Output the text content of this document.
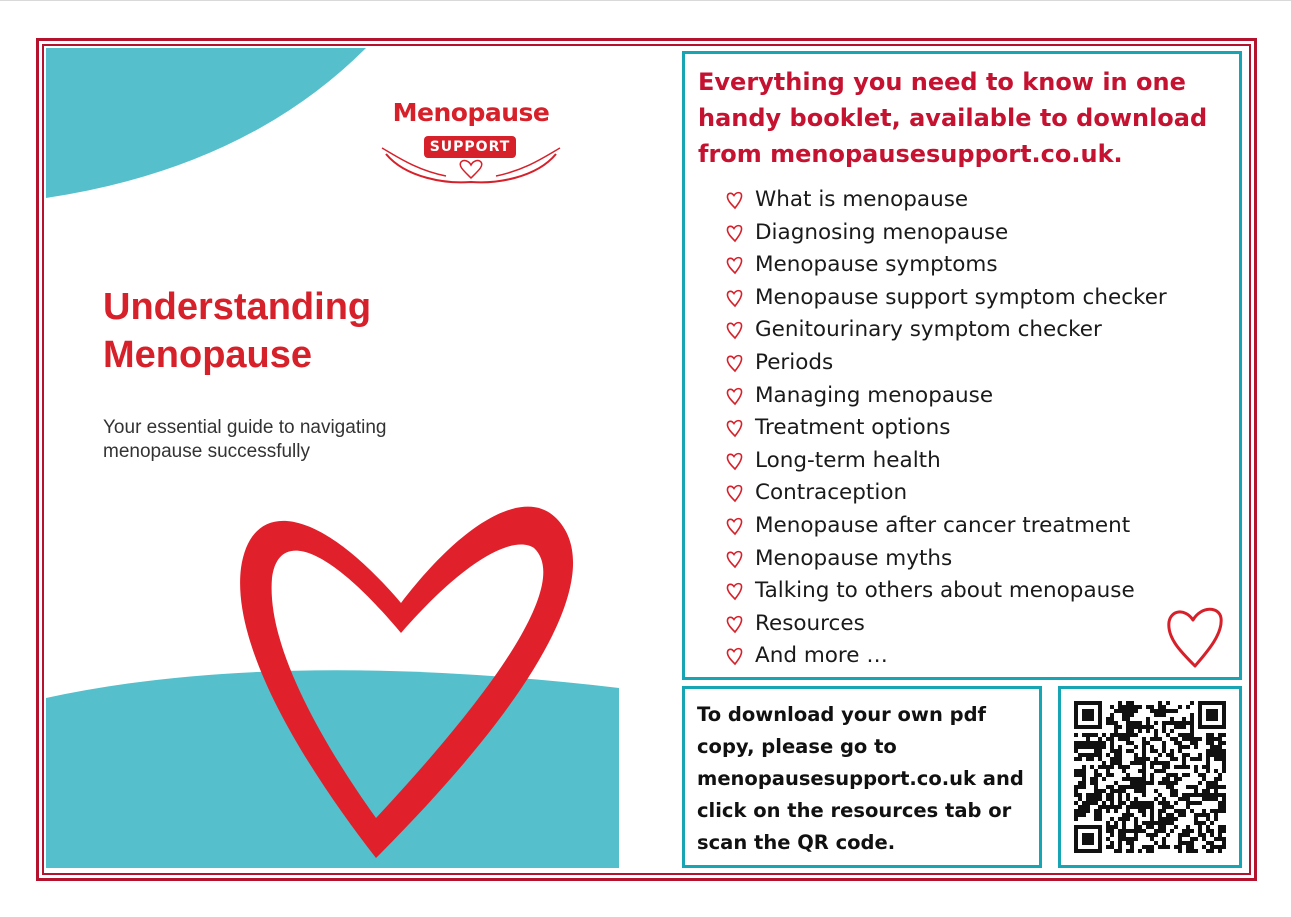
Menopause
SUPPORT
Understanding
Menopause
Your essential guide to navigating menopause successfully
Everything you need to know in one handy booklet, available to download from menopausesupport.co.uk.
What is menopause
Diagnosing menopause
Menopause symptoms
Menopause support symptom checker
Genitourinary symptom checker
Periods
Managing menopause
Treatment options
Long-term health
Contraception
Menopause after cancer treatment
Menopause myths
Talking to others about menopause
Resources
And more …
To download your own pdf copy, please go to menopausesupport.co.uk and click on the resources tab or scan the QR code.
